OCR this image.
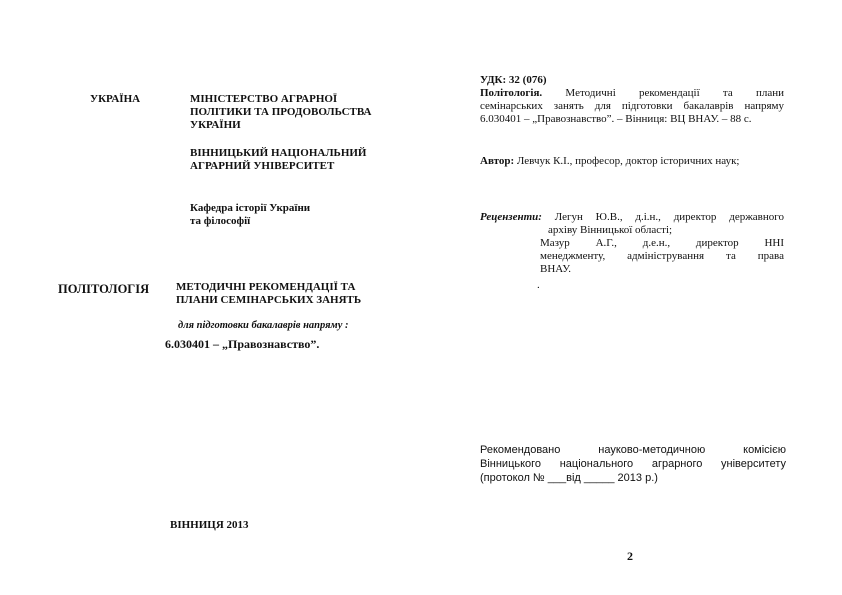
УКРАЇНА	МІНІСТЕРСТВО АГРАРНОЇ
ПОЛІТИКИ ТА ПРОДОВОЛЬСТВА
УКРАЇНИ
ВІННИЦЬКИЙ НАЦІОНАЛЬНИЙ
АГРАРНИЙ УНІВЕРСИТЕТ
Кафедра історії України
та філософії
ПОЛІТОЛОГІЯ МЕТОДИЧНІ РЕКОМЕНДАЦІЇ ТА
ПЛАНИ СЕМІНАРСЬКИХ ЗАНЯТЬ
для підготовки бакалаврів напряму :
6.030401 – „Правознавство”.
ВІННИЦЯ 2013
УДК: 32 (076)
Політологія. Методичні рекомендації та плани
семінарських занять для підготовки бакалаврів напряму
6.030401 – „Правознавство”. – Вінниця: ВЦ ВНАУ. – 88 с.
Автор: Левчук К.І., професор, доктор історичних наук;
Рецензенти: Легун Ю.В., д.і.н., директор державного
архіву Вінницької області;
Мазур А.Г., д.е.н., директор ННІ
менеджменту, адміністрування та права
ВНАУ.
.
Рекомендовано науково-методичною комісією
Вінницького національного аграрного університету
(протокол № ___від _____ 2013 р.)
2
